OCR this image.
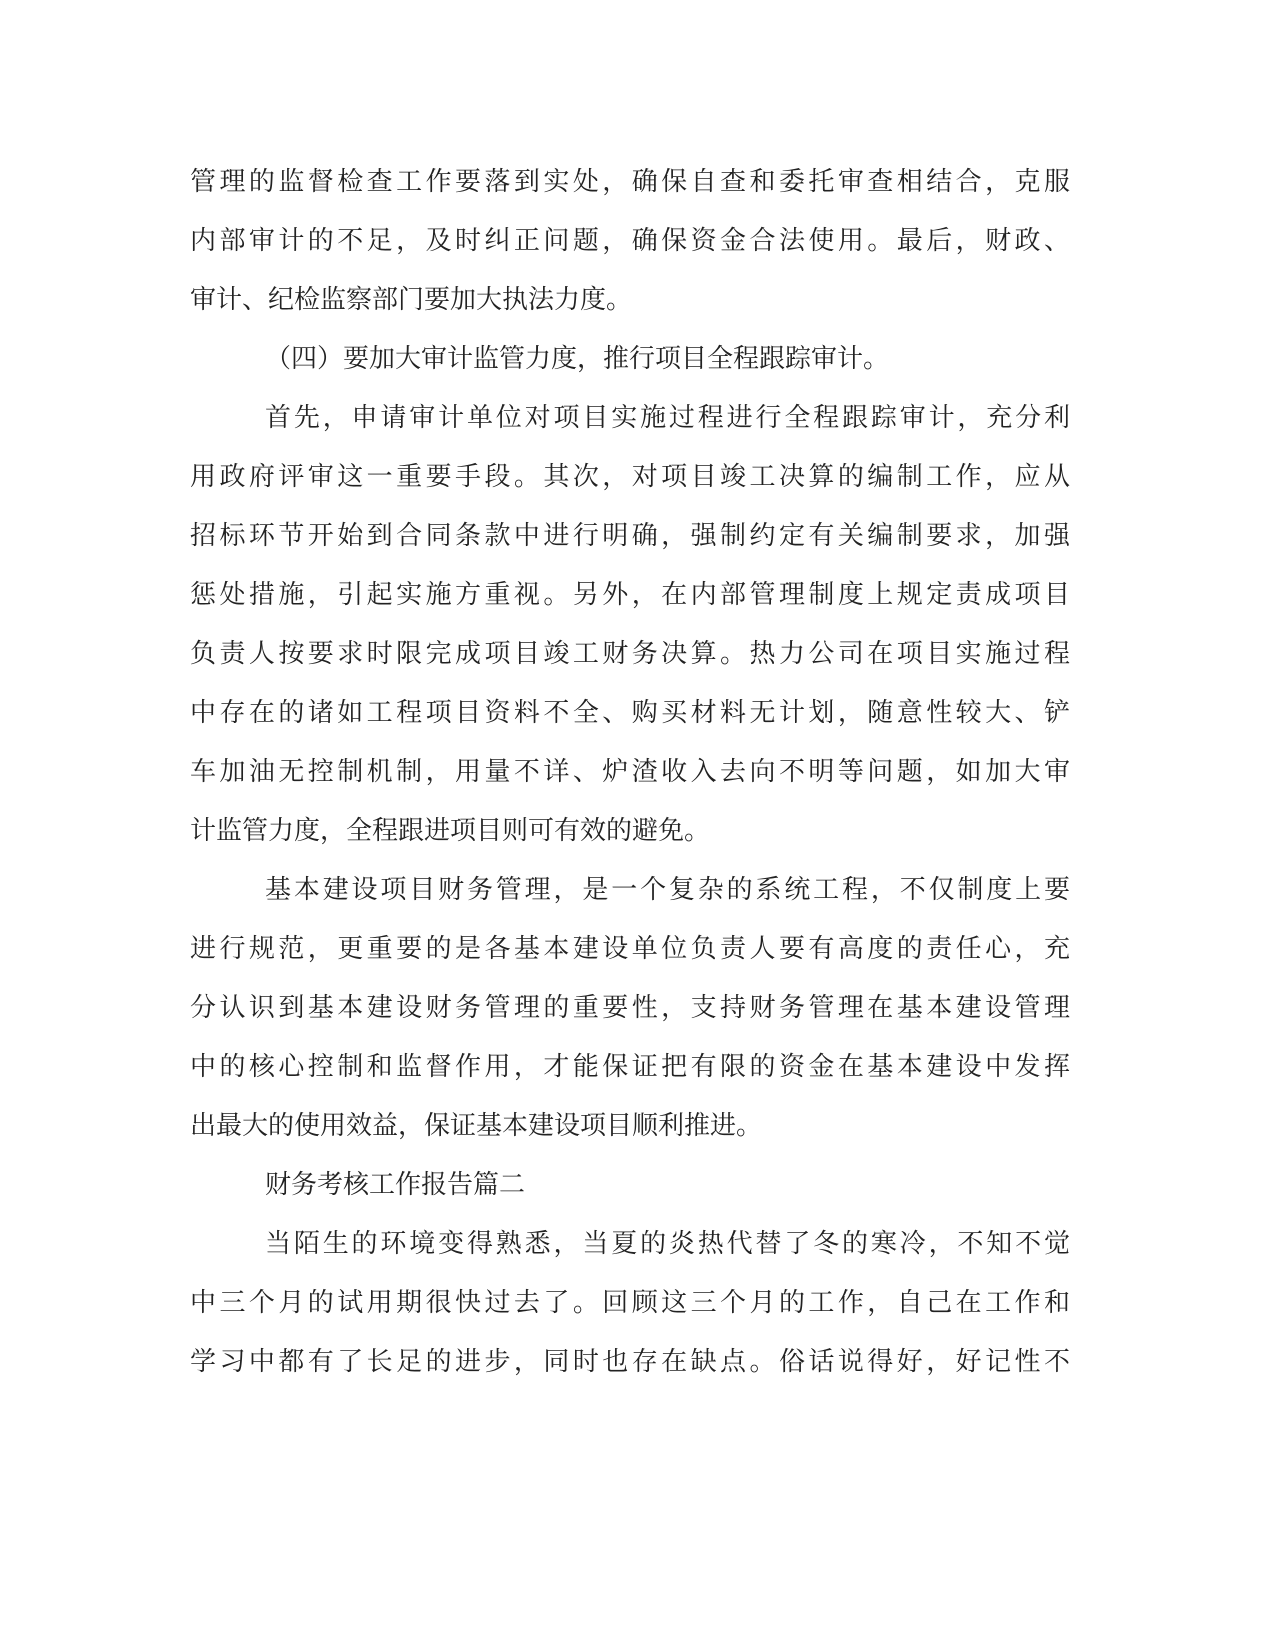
管理的监督检查工作要落到实处，确保自查和委托审查相结合，克服
内部审计的不足，及时纠正问题，确保资金合法使用。最后，财政、
审计、纪检监察部门要加大执法力度。
（四）要加大审计监管力度，推行项目全程跟踪审计。
首先，申请审计单位对项目实施过程进行全程跟踪审计，充分利
用政府评审这一重要手段。其次，对项目竣工决算的编制工作，应从
招标环节开始到合同条款中进行明确，强制约定有关编制要求，加强
惩处措施，引起实施方重视。另外，在内部管理制度上规定责成项目
负责人按要求时限完成项目竣工财务决算。热力公司在项目实施过程
中存在的诸如工程项目资料不全、购买材料无计划，随意性较大、铲
车加油无控制机制，用量不详、炉渣收入去向不明等问题，如加大审
计监管力度，全程跟进项目则可有效的避免。
基本建设项目财务管理，是一个复杂的系统工程，不仅制度上要
进行规范，更重要的是各基本建设单位负责人要有高度的责任心，充
分认识到基本建设财务管理的重要性，支持财务管理在基本建设管理
中的核心控制和监督作用，才能保证把有限的资金在基本建设中发挥
出最大的使用效益，保证基本建设项目顺利推进。
财务考核工作报告篇二
当陌生的环境变得熟悉，当夏的炎热代替了冬的寒冷，不知不觉
中三个月的试用期很快过去了。回顾这三个月的工作，自己在工作和
学习中都有了长足的进步，同时也存在缺点。俗话说得好，好记性不
